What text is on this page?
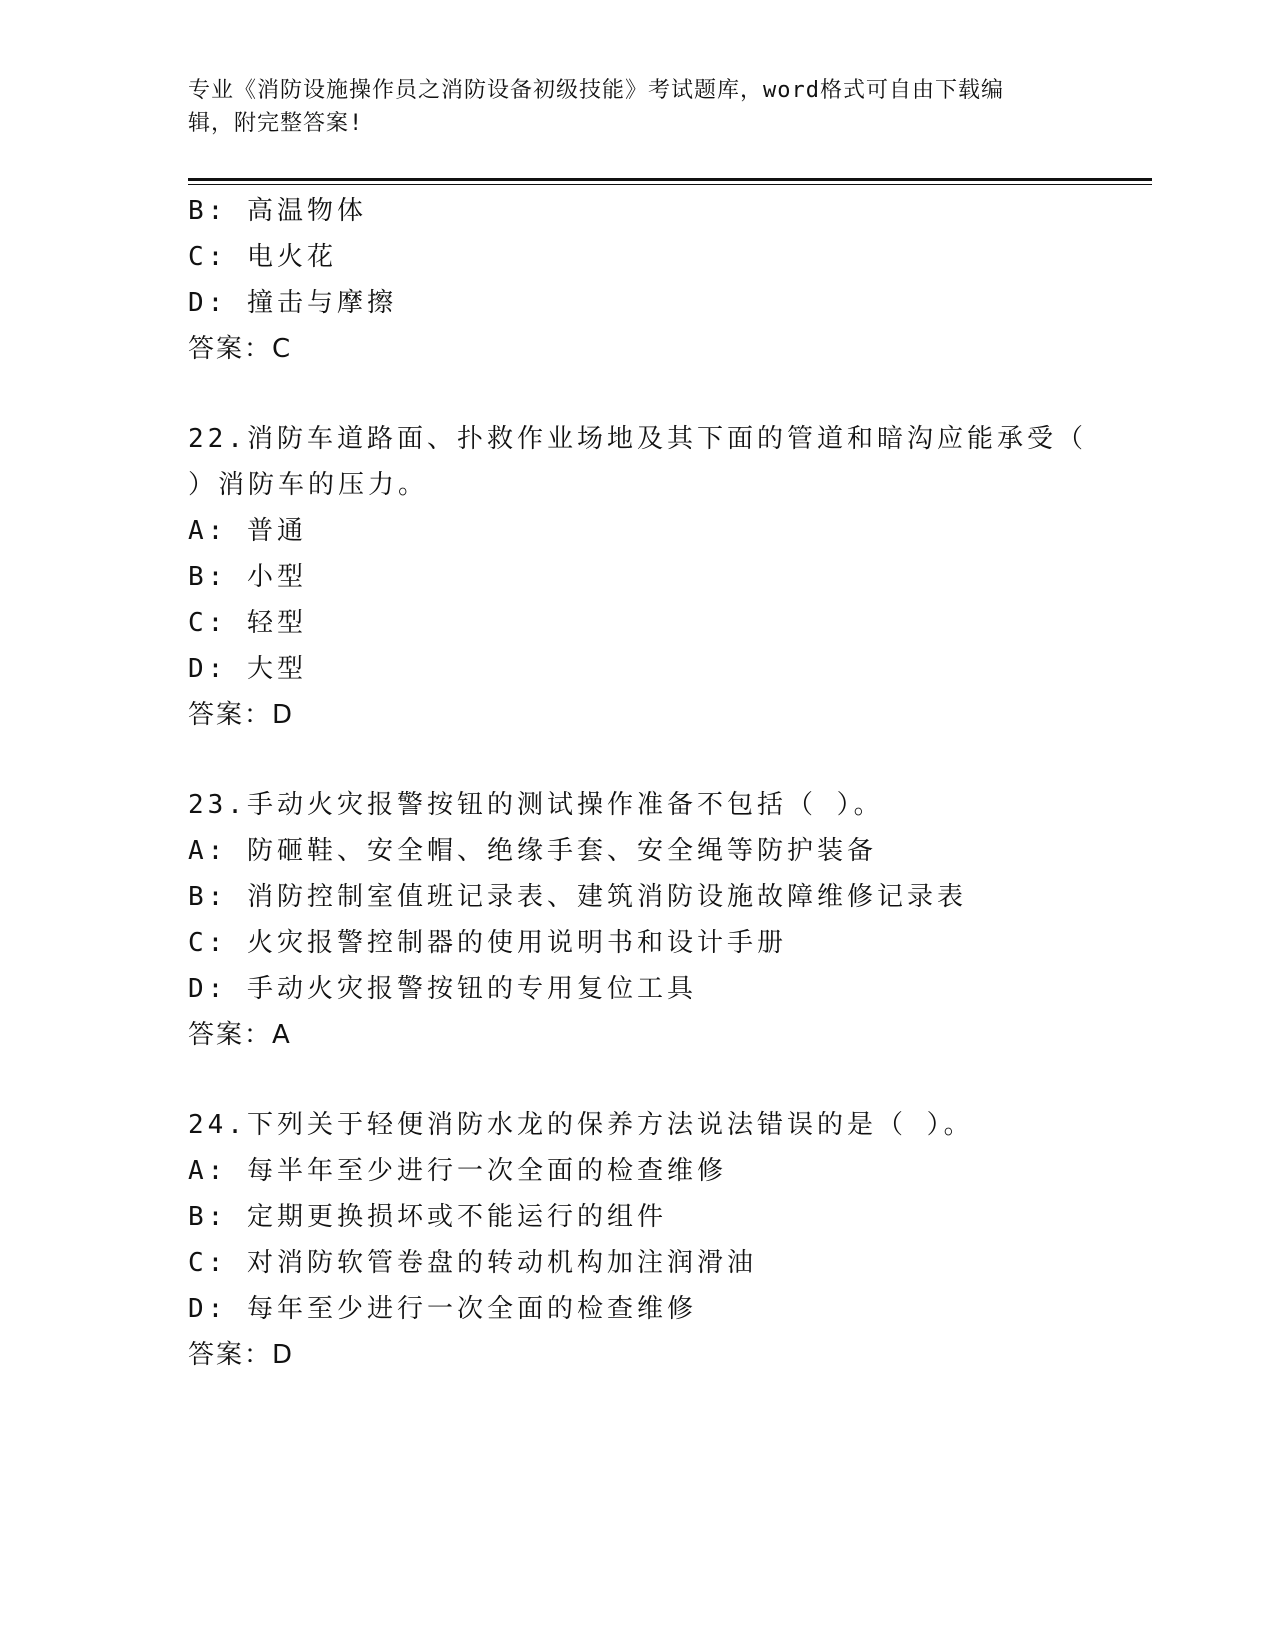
专业《消防设施操作员之消防设备初级技能》考试题库，word格式可自由下载编
辑，附完整答案!
B: 高温物体
C: 电火花
D: 撞击与摩擦
答案：C
22.消防车道路面、扑救作业场地及其下面的管道和暗沟应能承受（
）消防车的压力。
A: 普通
B: 小型
C: 轻型
D: 大型
答案：D
23.手动火灾报警按钮的测试操作准备不包括（ ）。
A: 防砸鞋、安全帽、绝缘手套、安全绳等防护装备
B: 消防控制室值班记录表、建筑消防设施故障维修记录表
C: 火灾报警控制器的使用说明书和设计手册
D: 手动火灾报警按钮的专用复位工具
答案：A
24.下列关于轻便消防水龙的保养方法说法错误的是（ ）。
A: 每半年至少进行一次全面的检查维修
B: 定期更换损坏或不能运行的组件
C: 对消防软管卷盘的转动机构加注润滑油
D: 每年至少进行一次全面的检查维修
答案：D
